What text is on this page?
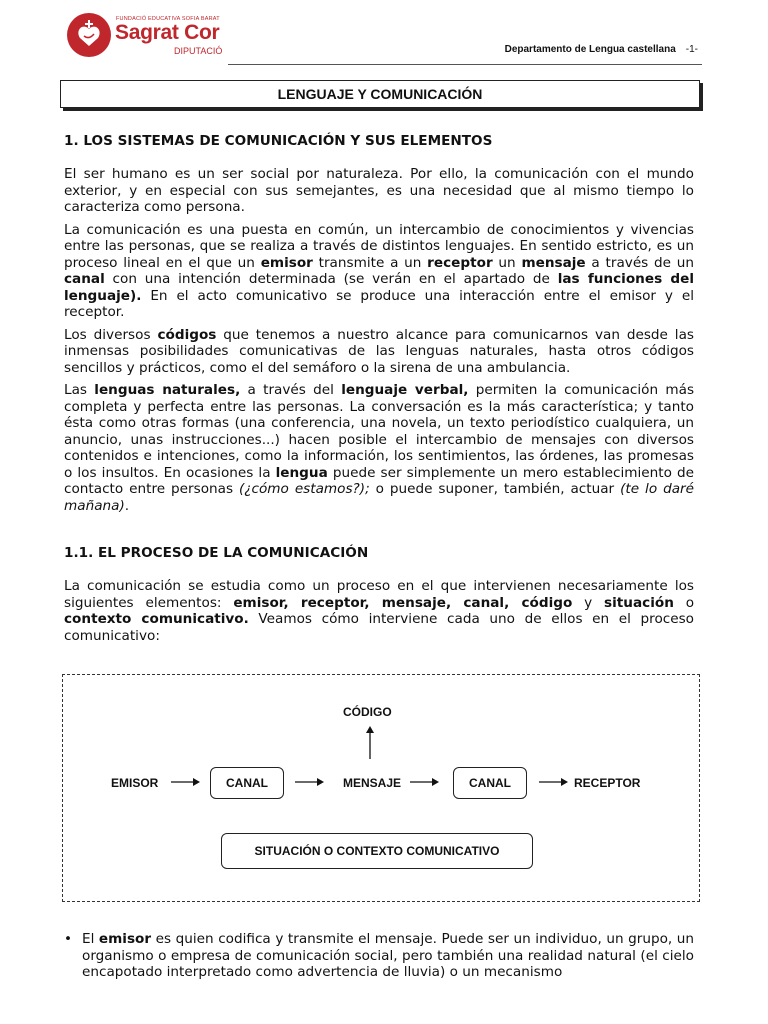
FUNDACIÓ EDUCATIVA SOFIA BARAT
Sagrat Cor
DIPUTACIÓ	Departamento de Lengua castellana -1-
LENGUAJE Y COMUNICACIÓN
1. LOS SISTEMAS DE COMUNICACIÓN Y SUS ELEMENTOS

El ser humano es un ser social por naturaleza. Por ello, la comunicación con el mundo exterior, y en especial con sus semejantes, es una necesidad que al mismo tiempo lo caracteriza como persona.

La comunicación es una puesta en común, un intercambio de conocimientos y vivencias entre las personas, que se realiza a través de distintos lenguajes. En sentido estricto, es un proceso lineal en el que un emisor transmite a un receptor un mensaje a través de un canal con una intención determinada (se verán en el apartado de las funciones del lenguaje). En el acto comunicativo se produce una interacción entre el emisor y el receptor.

Los diversos códigos que tenemos a nuestro alcance para comunicarnos van desde las inmensas posibilidades comunicativas de las lenguas naturales, hasta otros códigos sencillos y prácticos, como el del semáforo o la sirena de una ambulancia.

Las lenguas naturales, a través del lenguaje verbal, permiten la comunicación más completa y perfecta entre las personas. La conversación es la más característica; y tanto ésta como otras formas (una conferencia, una novela, un texto periodístico cualquiera, un anuncio, unas instrucciones...) hacen posible el intercambio de mensajes con diversos contenidos e intenciones, como la información, los sentimientos, las órdenes, las promesas o los insultos. En ocasiones la lengua puede ser simplemente un mero establecimiento de contacto entre personas (¿cómo estamos?); o puede suponer, también, actuar (te lo daré mañana).

1.1. EL PROCESO DE LA COMUNICACIÓN

La comunicación se estudia como un proceso en el que intervienen necesariamente los siguientes elementos: emisor, receptor, mensaje, canal, código y situación o contexto comunicativo. Veamos cómo interviene cada uno de ellos en el proceso comunicativo:

CÓDIGO
EMISOR	CANAL	MENSAJE	CANAL	RECEPTOR
SITUACIÓN O CONTEXTO COMUNICATIVO
• El emisor es quien codifica y transmite el mensaje. Puede ser un individuo, un grupo, un organismo o empresa de comunicación social, pero también una realidad natural (el cielo encapotado interpretado como advertencia de lluvia) o un mecanismo
